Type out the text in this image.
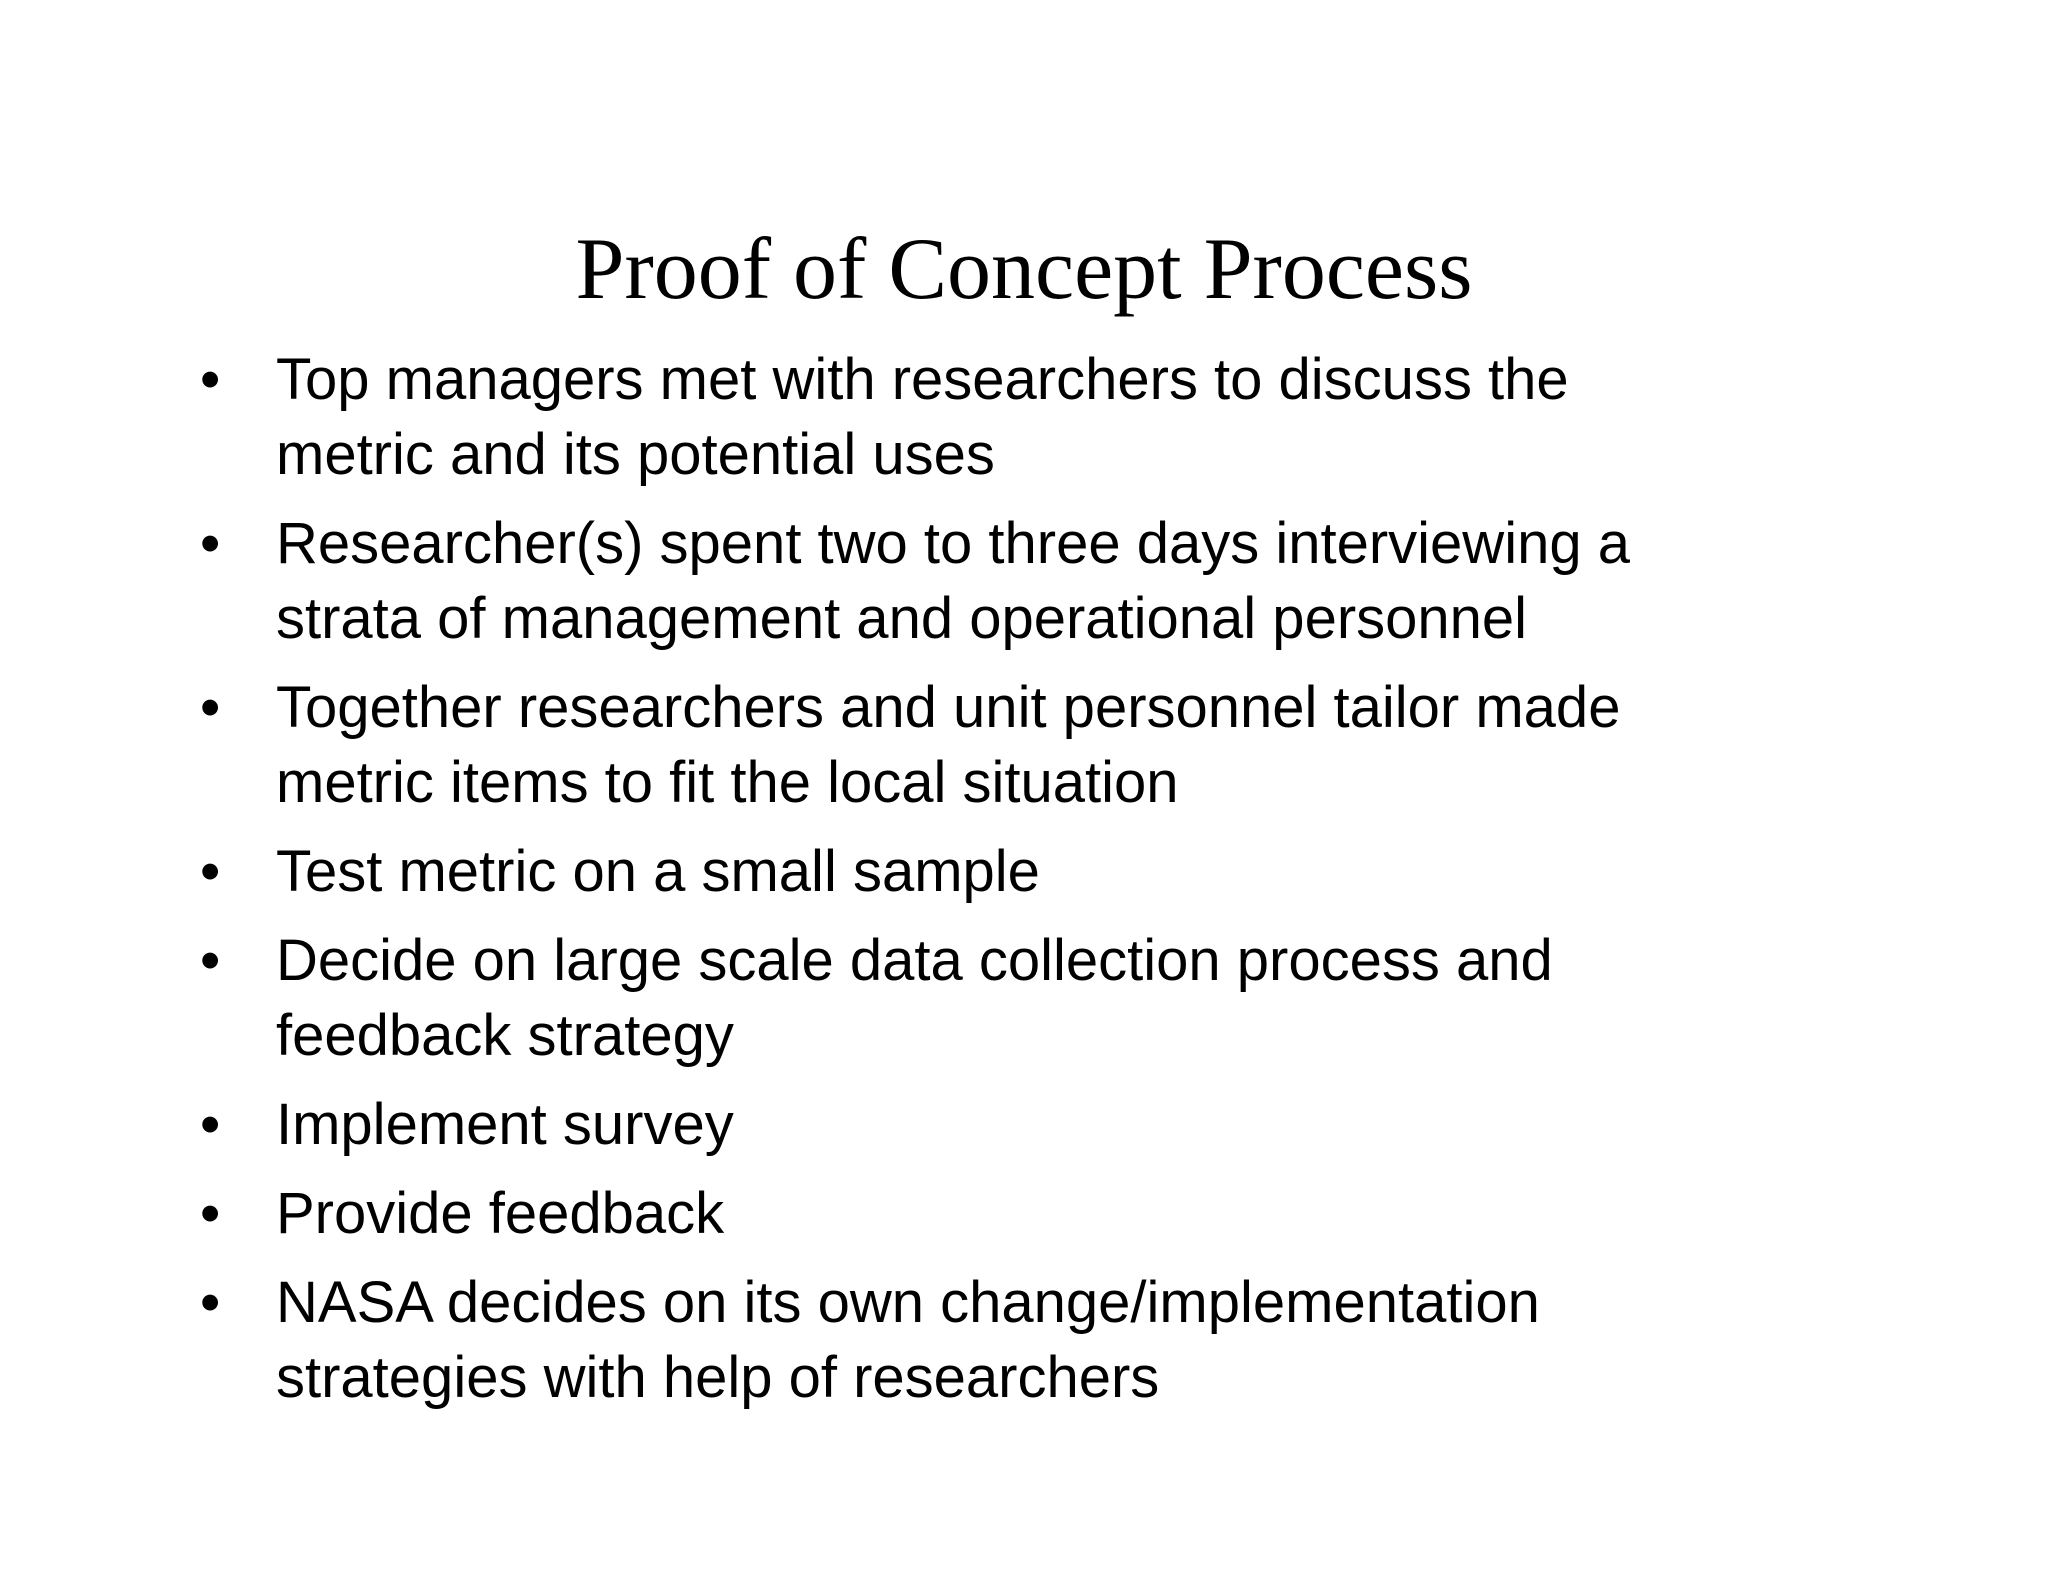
Proof of Concept Process
• Top managers met with researchers to discuss the
metric and its potential uses
• Researcher(s) spent two to three days interviewing a
strata of management and operational personnel
• Together researchers and unit personnel tailor made
metric items to fit the local situation
• Test metric on a small sample
• Decide on large scale data collection process and
feedback strategy
• Implement survey
• Provide feedback
• NASA decides on its own change/implementation
strategies with help of researchers
